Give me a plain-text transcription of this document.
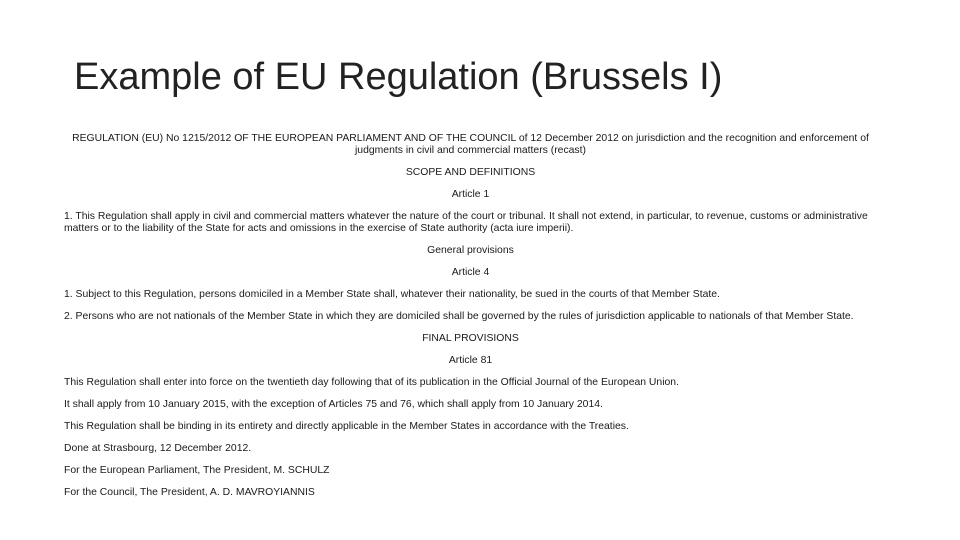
Example of EU Regulation (Brussels I)

REGULATION (EU) No 1215/2012 OF THE EUROPEAN PARLIAMENT AND OF THE COUNCIL of 12 December 2012 on jurisdiction and the recognition and enforcement of judgments in civil and commercial matters (recast)

SCOPE AND DEFINITIONS

Article 1

1. This Regulation shall apply in civil and commercial matters whatever the nature of the court or tribunal. It shall not extend, in particular, to revenue, customs or administrative matters or to the liability of the State for acts and omissions in the exercise of State authority (acta iure imperii).

General provisions

Article 4

1. Subject to this Regulation, persons domiciled in a Member State shall, whatever their nationality, be sued in the courts of that Member State.

2. Persons who are not nationals of the Member State in which they are domiciled shall be governed by the rules of jurisdiction applicable to nationals of that Member State.

FINAL PROVISIONS

Article 81

This Regulation shall enter into force on the twentieth day following that of its publication in the Official Journal of the European Union.

It shall apply from 10 January 2015, with the exception of Articles 75 and 76, which shall apply from 10 January 2014.

This Regulation shall be binding in its entirety and directly applicable in the Member States in accordance with the Treaties.

Done at Strasbourg, 12 December 2012.

For the European Parliament, The President, M. SCHULZ

For the Council, The President, A. D. MAVROYIANNIS
